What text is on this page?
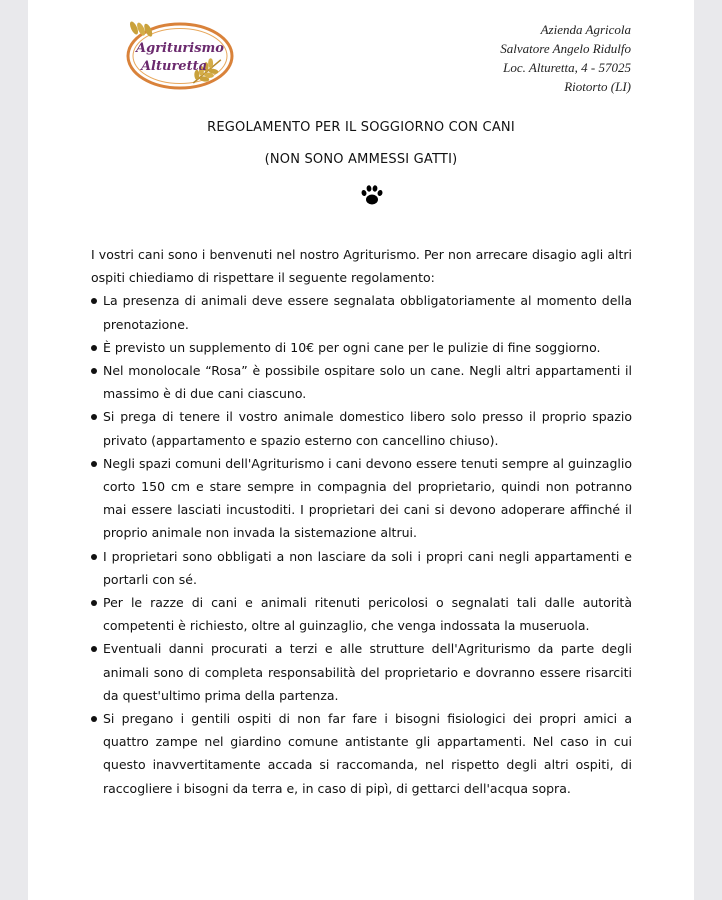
Agriturismo
Alturetta
Azienda Agricola
Salvatore Angelo Ridulfo
Loc. Alturetta, 4 - 57025
Riotorto (LI)
REGOLAMENTO PER IL SOGGIORNO CON CANI
(NON SONO AMMESSI GATTI)

I vostri cani sono i benvenuti nel nostro Agriturismo. Per non arrecare disagio agli altri ospiti chiediamo di rispettare il seguente regolamento:

La presenza di animali deve essere segnalata obbligatoriamente al momento della prenotazione.
È previsto un supplemento di 10€ per ogni cane per le pulizie di fine soggiorno.
Nel monolocale “Rosa” è possibile ospitare solo un cane. Negli altri appartamenti il massimo è di due cani ciascuno.
Si prega di tenere il vostro animale domestico libero solo presso il proprio spazio privato (appartamento e spazio esterno con cancellino chiuso).
Negli spazi comuni dell'Agriturismo i cani devono essere tenuti sempre al guinzaglio corto 150 cm e stare sempre in compagnia del proprietario, quindi non potranno mai essere lasciati incustoditi. I proprietari dei cani si devono adoperare affinché il proprio animale non invada la sistemazione altrui.
I proprietari sono obbligati a non lasciare da soli i propri cani negli appartamenti e portarli con sé.
Per le razze di cani e animali ritenuti pericolosi o segnalati tali dalle autorità competenti è richiesto, oltre al guinzaglio, che venga indossata la museruola.
Eventuali danni procurati a terzi e alle strutture dell'Agriturismo da parte degli animali sono di completa responsabilità del proprietario e dovranno essere risarciti da quest'ultimo prima della partenza.
Si pregano i gentili ospiti di non far fare i bisogni fisiologici dei propri amici a quattro zampe nel giardino comune antistante gli appartamenti. Nel caso in cui questo inavvertitamente accada si raccomanda, nel rispetto degli altri ospiti, di raccogliere i bisogni da terra e, in caso di pipì, di gettarci dell'acqua sopra.
